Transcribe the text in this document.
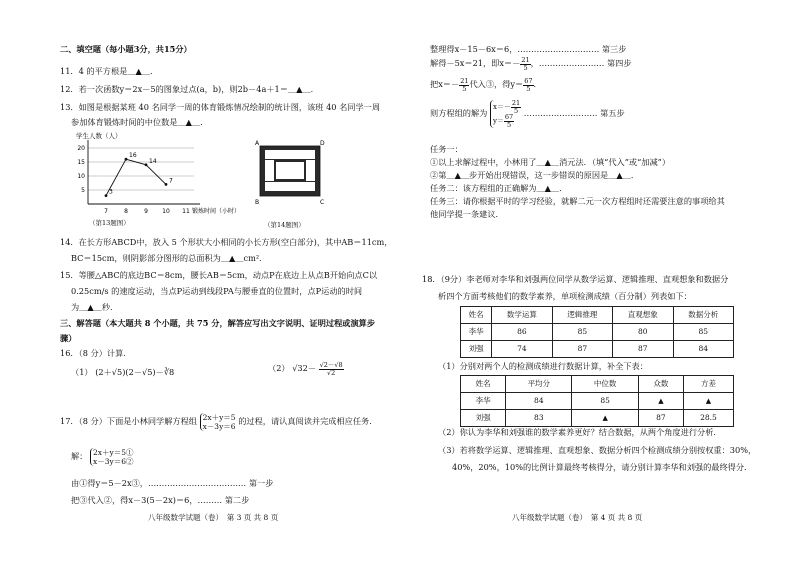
二、填空题（每小题3分，共15分）
11．4 的平方根是＿▲＿．
12．若一次函数y＝2x－5的图象过点(a，b)，则2b－4a＋1＝＿▲＿．
13．如图是根据某班 40 名同学一周的体育锻炼情况绘制的统计图，该班 40 名同学一周
参加体育锻炼时间的中位数是＿▲＿．
5
10
15
20
学生人数（人）
7	8	9 10 11 锻炼时间（小时）
3
16
14
7
（第13题图）
A	D
B	C
（第14题图）
14．在长方形ABCD中，放入 5 个形状大小相同的小长方形(空白部分)，其中AB＝11cm，
BC＝15cm，则阴影部分图形的总面积为＿▲＿cm²．
15．等腰△ABC的底边BC＝8cm，腰长AB＝5cm，动点P在底边上从点B开始向点C以
0.25cm/s 的速度运动，当点P运动到线段PA与腰垂直的位置时，点P运动的时间
为＿▲＿秒．
三、解答题（本大题共 8 个小题，共 75 分，解答应写出文字说明、证明过程或演算步
骤）
16．（8 分）计算.
（1） (2＋√5)(2－√5)－∛8	（2） $√32- \frac{√2-√8}{√2}$
17．（8 分）下面是小林同学解方程组 2x＋y＝5
x－3y＝6
的过程，请认真阅读并完成相应任务．
解： 2x＋y＝5①
x－3y＝6②
由①得y＝5－2x③，……………………………… 第一步
把③代入②，得x－3(5－2x)＝6，……… 第二步
八年级数学试题（卷）　第 3 页 共 8 页
整理得x－15－6x＝6，………………………… 第三步
解得－5x＝21，即$x=- \frac{21}{5}$ ，…………………… 第四步
把$x=- \frac{21}{5}$ 代入③，得$y= \frac{67}{5}$ ．
则方程组的解为
$x=- \frac{21}{5}$
$y= \frac{67}{5}$
……………………… 第五步
任务一：
①以上求解过程中，小林用了＿▲＿消元法．（填“代入”或“加减”）
②第＿▲＿步开始出现错误，这一步错误的原因是＿▲＿．
任务二：该方程组的正确解为＿▲＿．
任务三：请你根据平时的学习经验，就解二元一次方程组时还需要注意的事项给其
他同学提一条建议．
18．（9分）李老师对李华和刘强两位同学从数学运算、逻辑推理、直观想象和数据分
析四个方面考核他们的数学素养，单项检测成绩（百分制）列表如下：
姓名	数学运算	逻辑推理	直观想象	数据分析
李华	86	85	80	85
刘强	74	87	87	84
（1）分别对两个人的检测成绩进行数据计算，补全下表：
姓名	平均分	中位数	众数	方差
李华	84	85	▲	▲
刘强	83	▲	87	28.5
（2）你认为李华和刘强谁的数学素养更好？结合数据，从两个角度进行分析．
（3）若将数学运算、逻辑推理、直观想象、数据分析四个检测成绩分别按权重：30%，
40%，20%，10%的比例计算最终考核得分，请分别计算李华和刘强的最终得分．
八年级数学试题（卷）　第 4 页 共 8 页
